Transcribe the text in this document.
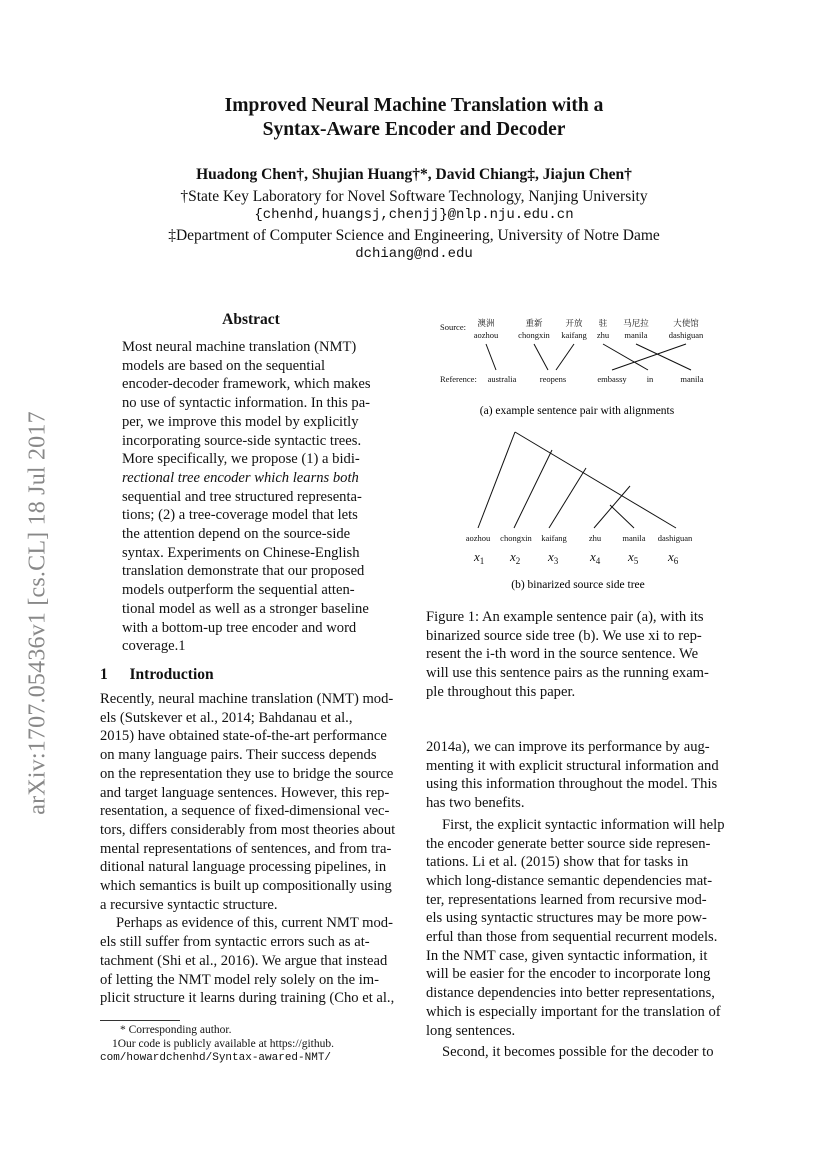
arXiv:1707.05436v1 [cs.CL] 18 Jul 2017
Improved Neural Machine Translation with a
Syntax-Aware Encoder and Decoder
Huadong Chen†, Shujian Huang†*, David Chiang‡, Jiajun Chen†
†State Key Laboratory for Novel Software Technology, Nanjing University
{chenhd,huangsj,chenjj}@nlp.nju.edu.cn
‡Department of Computer Science and Engineering, University of Notre Dame
dchiang@nd.edu
Abstract

Most neural machine translation (NMT)

models are based on the sequential

encoder-decoder framework, which makes

no use of syntactic information. In this pa-

per, we improve this model by explicitly

incorporating source-side syntactic trees.

More specifically, we propose (1) a bidi-

rectional tree encoder which learns both

sequential and tree structured representa-

tions; (2) a tree-coverage model that lets

the attention depend on the source-side

syntax. Experiments on Chinese-English

translation demonstrate that our proposed

models outperform the sequential atten-

tional model as well as a stronger baseline

with a bottom-up tree encoder and word

coverage.1

1 Introduction

Recently, neural machine translation (NMT) mod-

els (Sutskever et al., 2014; Bahdanau et al.,

2015) have obtained state-of-the-art performance

on many language pairs. Their success depends

on the representation they use to bridge the source

and target language sentences. However, this rep-

resentation, a sequence of fixed-dimensional vec-

tors, differs considerably from most theories about

mental representations of sentences, and from tra-

ditional natural language processing pipelines, in

which semantics is built up compositionally using

a recursive syntactic structure.

Perhaps as evidence of this, current NMT mod-

els still suffer from syntactic errors such as at-

tachment (Shi et al., 2016). We argue that instead

of letting the NMT model rely solely on the im-

plicit structure it learns during training (Cho et al.,

* Corresponding author.
1Our code is publicly available at https://github.
com/howardchenhd/Syntax-awared-NMT/
Source: 澳洲	重新	开放 驻 马尼拉	大使馆
aozhou chongxin kaifang zhu manila dashiguan
Reference: australia	reopens	embassy in	manila
(a) example sentence pair with alignments
aozhou chongxin kaifang	zhu	manila dashiguan
$x_1$ $x_2$ $x_3$ $x_4$ $x_5$ $x_6$
(b) binarized source side tree

Figure 1: An example sentence pair (a), with its

binarized source side tree (b). We use xi to rep-

resent the i-th word in the source sentence. We

will use this sentence pairs as the running exam-

ple throughout this paper.

2014a), we can improve its performance by aug-

menting it with explicit structural information and

using this information throughout the model. This

has two benefits.

First, the explicit syntactic information will help

the encoder generate better source side represen-

tations. Li et al. (2015) show that for tasks in

which long-distance semantic dependencies mat-

ter, representations learned from recursive mod-

els using syntactic structures may be more pow-

erful than those from sequential recurrent models.

In the NMT case, given syntactic information, it

will be easier for the encoder to incorporate long

distance dependencies into better representations,

which is especially important for the translation of

long sentences.

Second, it becomes possible for the decoder to
